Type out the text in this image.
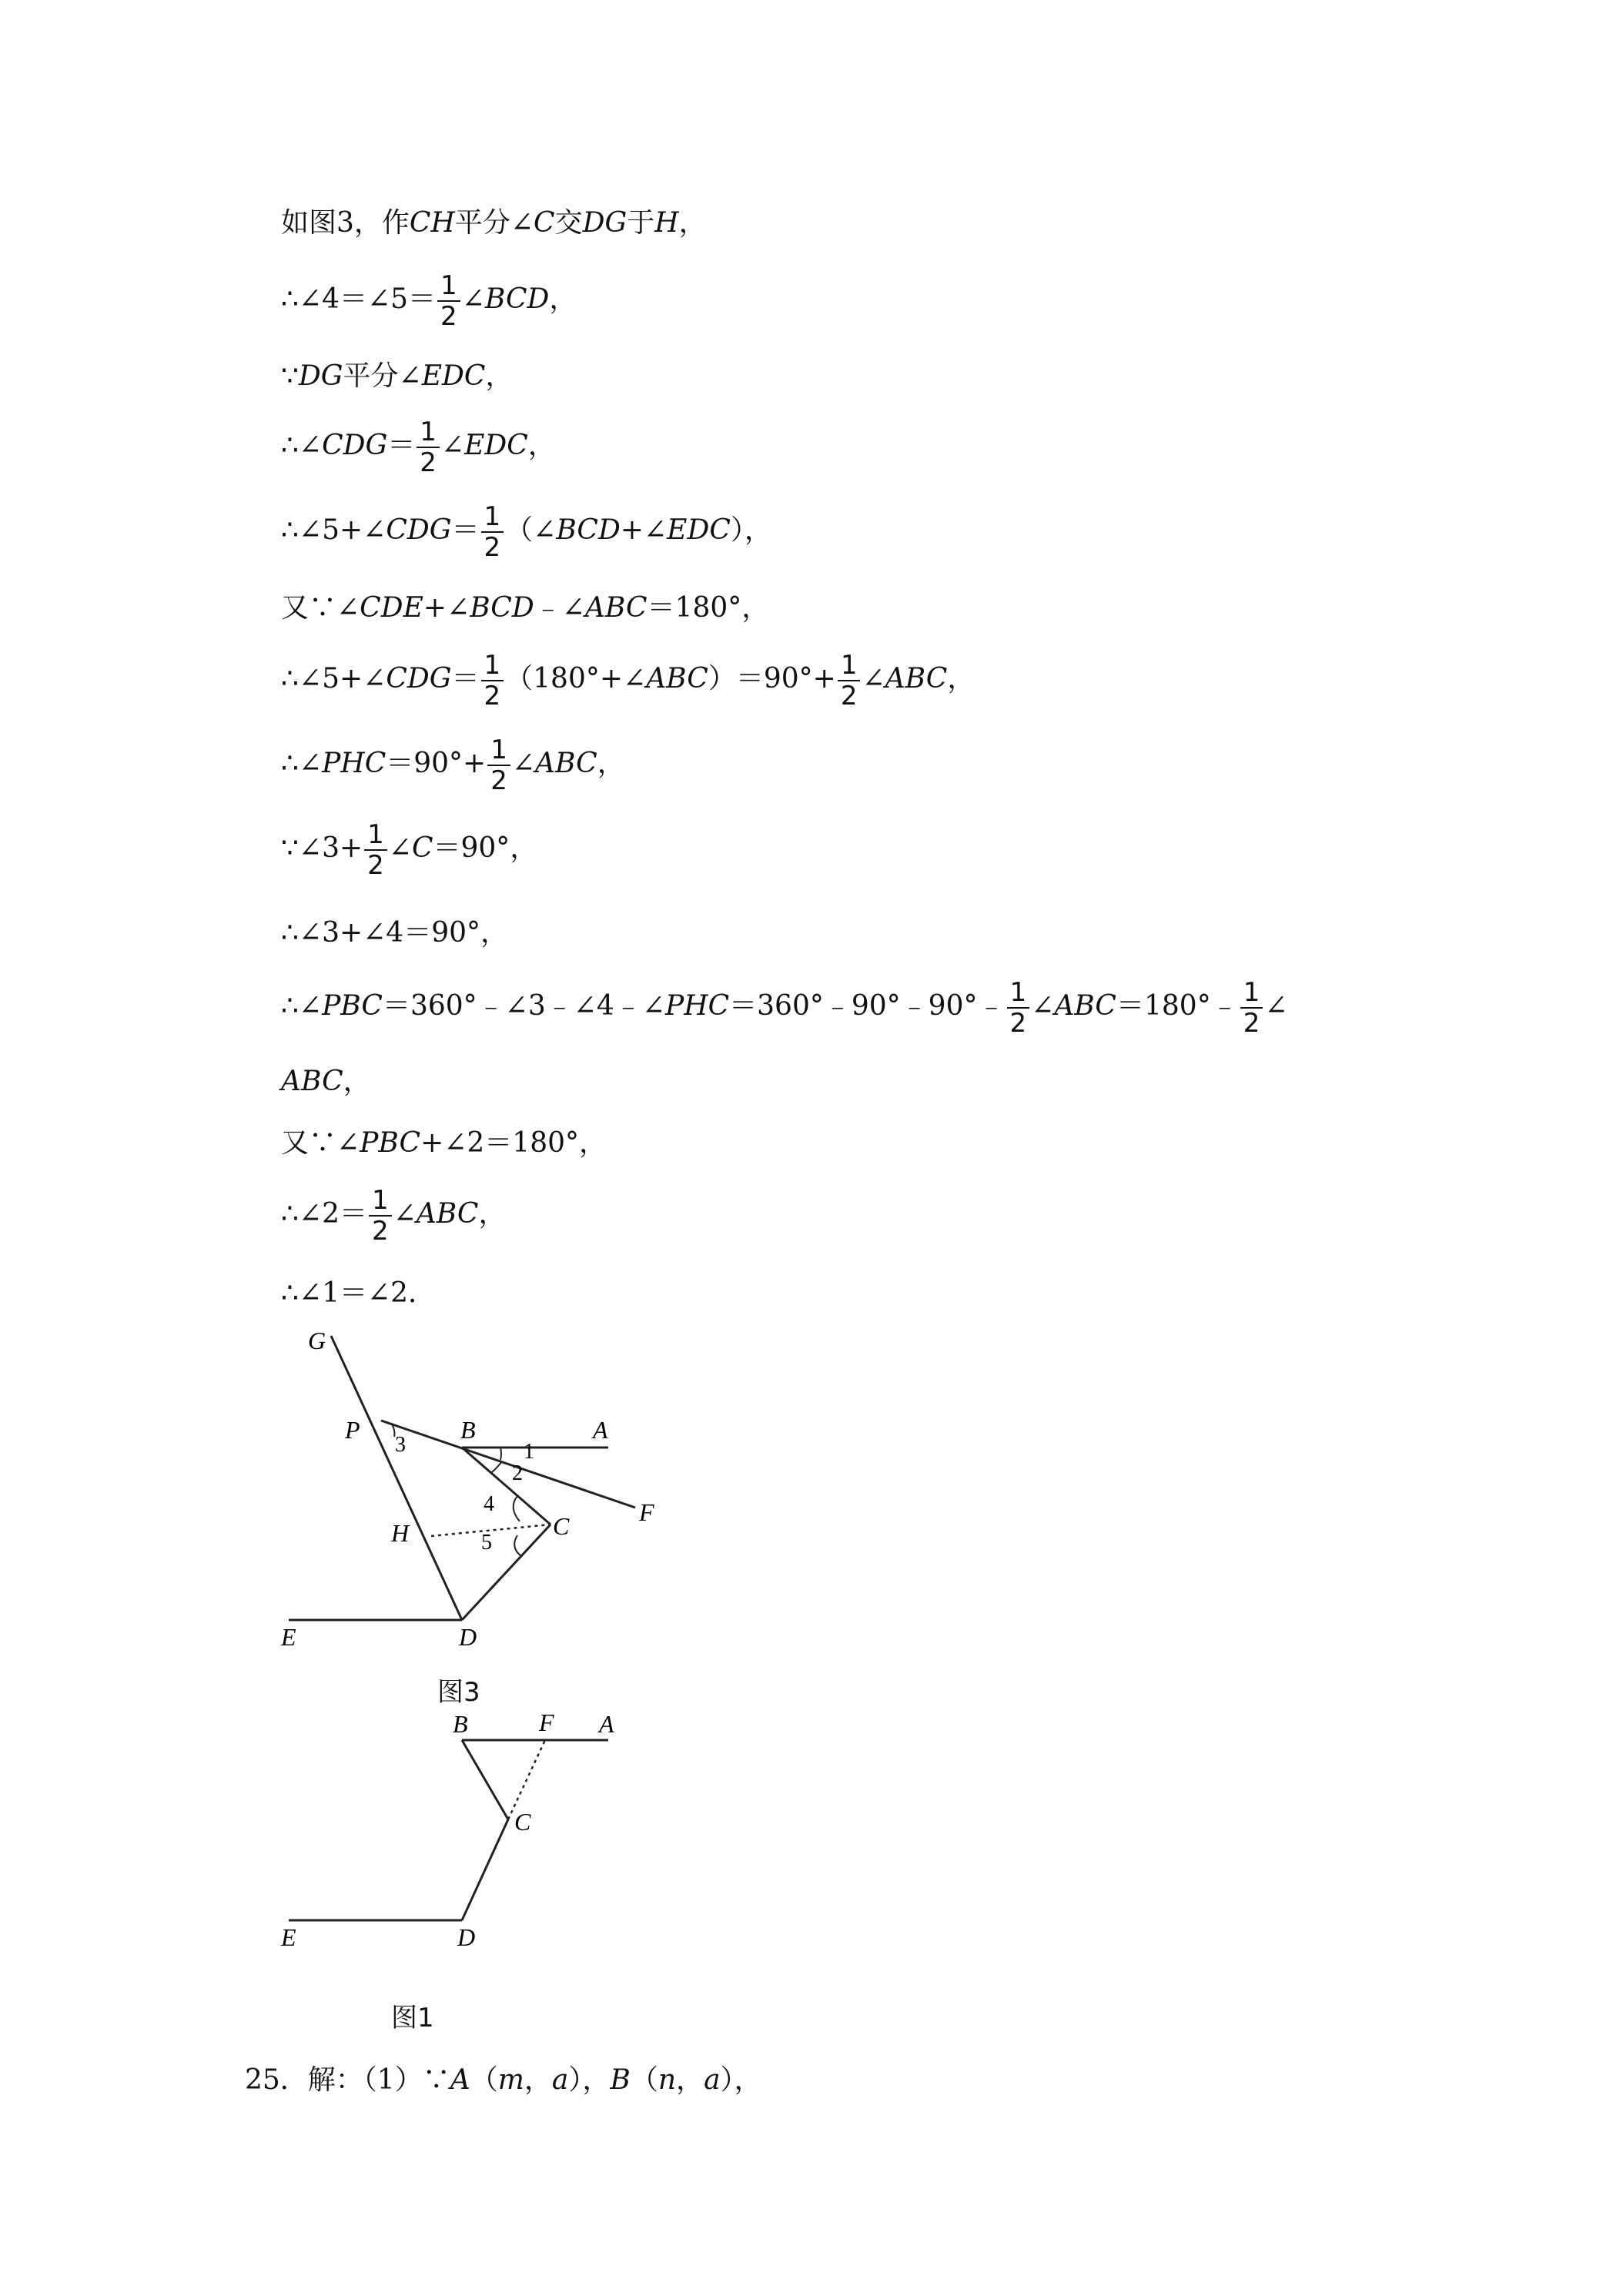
如图3，作CH平分∠C交DG于H，
∴∠4＝∠5＝ $\frac{1}{2}$ ∠BCD，
∵DG平分∠EDC，
∴∠CDG＝ $\frac{1}{2}$ ∠EDC，
∴∠5+∠CDG＝ $\frac{1}{2}$ （∠BCD+∠EDC），
又∵∠CDE+∠BCD﹣∠ABC＝180°，
∴∠5+∠CDG＝ $\frac{1}{2}$ （180°+∠ABC）＝90°+ $\frac{1}{2}$ ∠ABC，
∴∠PHC＝90°+ $\frac{1}{2}$ ∠ABC，
∵∠3+ $\frac{1}{2}$ ∠C＝90°，
∴∠3+∠4＝90°，
∴∠PBC＝360°﹣∠3﹣∠4﹣∠PHC＝360°﹣90°﹣90°﹣ $\frac{1}{2}$ ∠ABC＝180°﹣ $\frac{1}{2}$ ∠
ABC，
又∵∠PBC+∠2＝180°，
∴∠2＝ $\frac{1}{2}$ ∠ABC，
∴∠1＝∠2．
G
P	B	A
F
H	C
E	D
1
2
3
4
5
图3
B	F A
C
E	D
图1
25．解：（1）∵A（m，a），B（n，a），
